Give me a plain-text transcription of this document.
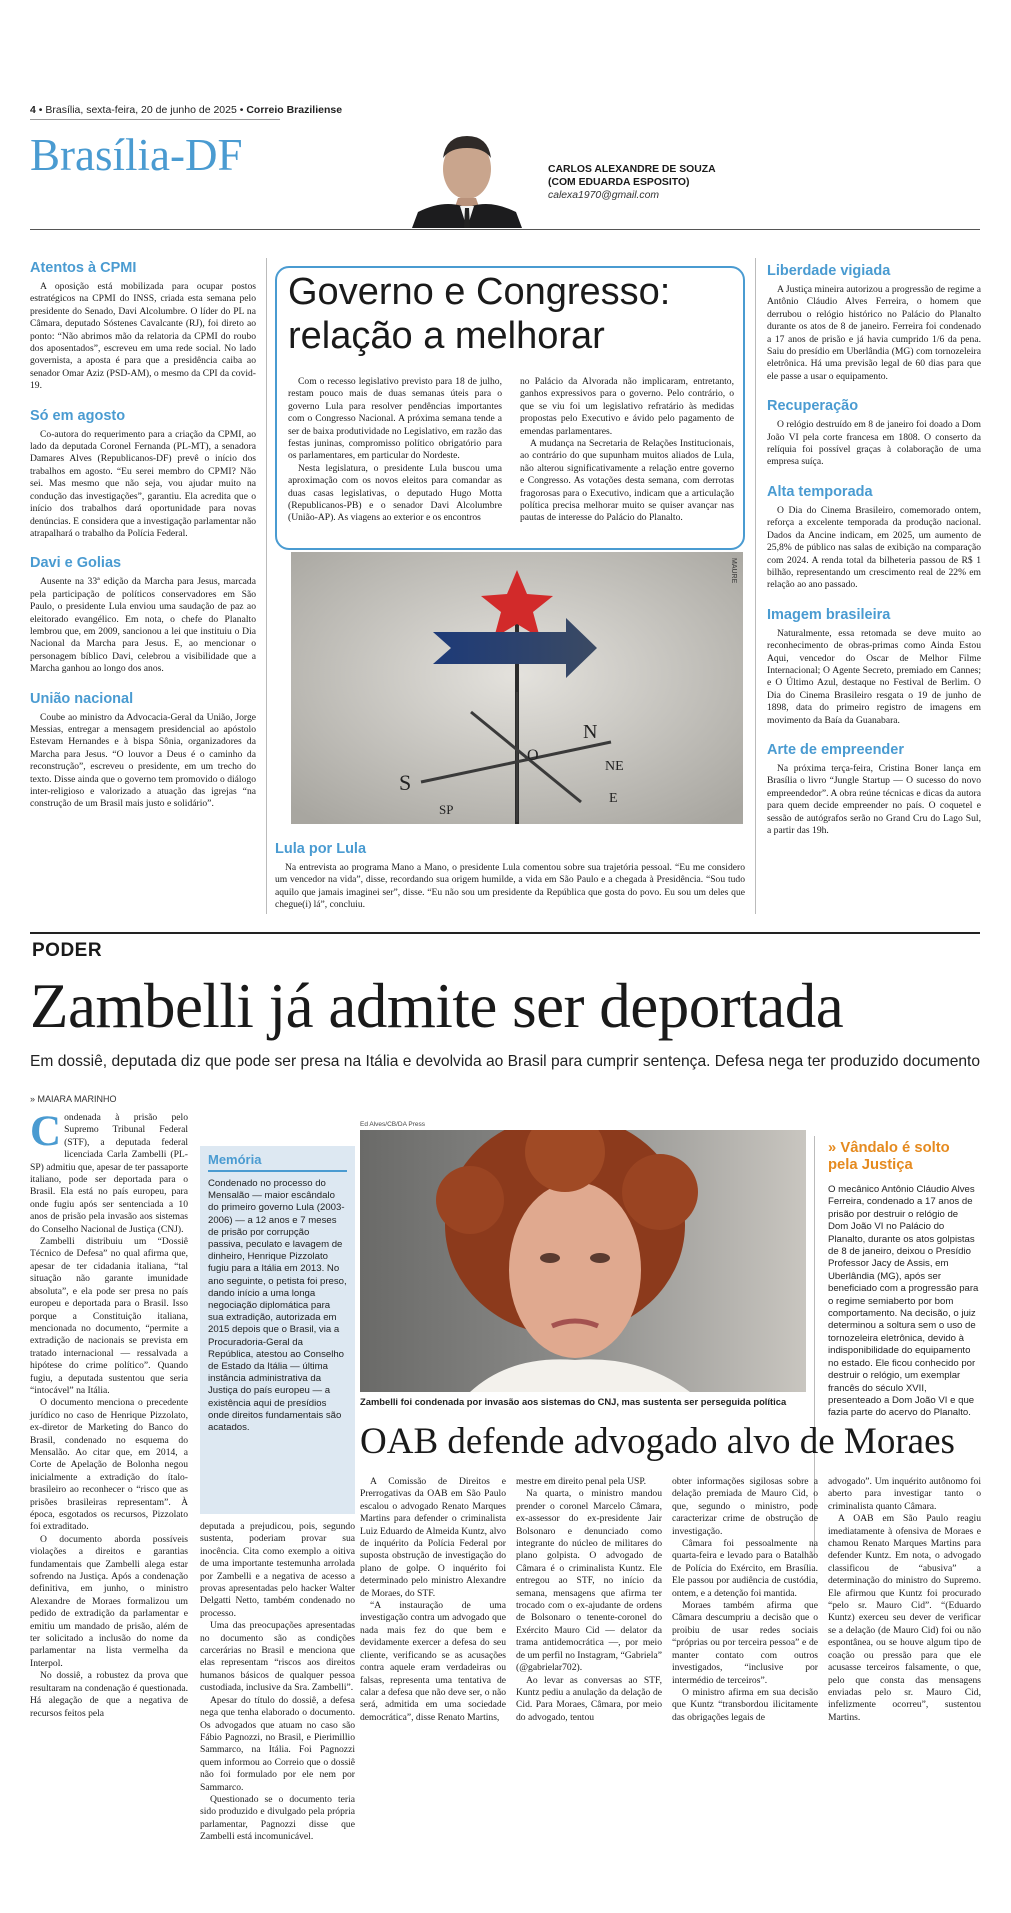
4 • Brasília, sexta-feira, 20 de junho de 2025 • Correio Braziliense
Brasília-DF	CARLOS ALEXANDRE DE SOUZA
(COM EDUARDA ESPOSITO)
calexa1970@gmail.com
Atentos à CPMI

A oposição está mobilizada para ocupar postos estratégicos na CPMI do INSS, criada esta semana pelo presidente do Senado, Davi Alcolumbre. O líder do PL na Câmara, deputado Sóstenes Cavalcante (RJ), foi direto ao ponto: “Não abrimos mão da relatoria da CPMI do roubo dos aposentados”, escreveu em uma rede social. No lado governista, a aposta é para que a presidência caiba ao senador Omar Aziz (PSD-AM), o mesmo da CPI da covid-19.

Só em agosto

Co-autora do requerimento para a criação da CPMI, ao lado da deputada Coronel Fernanda (PL-MT), a senadora Damares Alves (Republicanos-DF) prevê o início dos trabalhos em agosto. “Eu serei membro do CPMI? Não sei. Mas mesmo que não seja, vou ajudar muito na condução das investigações”, garantiu. Ela acredita que o início dos trabalhos dará oportunidade para novas denúncias. E considera que a investigação parlamentar não atrapalhará o trabalho da Polícia Federal.

Davi e Golias

Ausente na 33ª edição da Marcha para Jesus, marcada pela participação de políticos conservadores em São Paulo, o presidente Lula enviou uma saudação de paz ao eleitorado evangélico. Em nota, o chefe do Planalto lembrou que, em 2009, sancionou a lei que instituiu o Dia Nacional da Marcha para Jesus. E, ao mencionar o personagem bíblico Davi, celebrou a visibilidade que a Marcha ganhou ao longo dos anos.

União nacional

Coube ao ministro da Advocacia-Geral da União, Jorge Messias, entregar a mensagem presidencial ao apóstolo Estevam Hernandes e à bispa Sônia, organizadores da Marcha para Jesus. “O louvor a Deus é o caminho da reconstrução”, escreveu o presidente, em um trecho do texto. Disse ainda que o governo tem promovido o diálogo inter-religioso e valorizado a atuação das igrejas “na construção de um Brasil mais justo e solidário”.

Governo e Congresso:
relação a melhorar

Com o recesso legislativo previsto para 18 de julho, restam pouco mais de duas semanas úteis para o governo Lula para resolver pendências importantes com o Congresso Nacional. A próxima semana tende a ser de baixa produtividade no Legislativo, em razão das festas juninas, compromisso político obrigatório para os parlamentares, em particular do Nordeste.

Nesta legislatura, o presidente Lula buscou uma aproximação com os novos eleitos para comandar as duas casas legislativas, o deputado Hugo Motta (Republicanos-PB) e o senador Davi Alcolumbre (União-AP). As viagens ao exterior e os encontros

no Palácio da Alvorada não implicaram, entretanto, ganhos expressivos para o governo. Pelo contrário, o que se viu foi um legislativo refratário às medidas propostas pelo Executivo e ávido pelo pagamento de emendas parlamentares.

A mudança na Secretaria de Relações Institucionais, ao contrário do que supunham muitos aliados de Lula, não alterou significativamente a relação entre governo e Congresso. As votações desta semana, com derrotas fragorosas para o Executivo, indicam que a articulação política precisa melhorar muito se quiser avançar nas pautas de interesse do Palácio do Planalto.

N
NE
S
SP
O
E
MAURE
Lula por Lula

Na entrevista ao programa Mano a Mano, o presidente Lula comentou sobre sua trajetória pessoal. “Eu me considero um vencedor na vida”, disse, recordando sua origem humilde, a vida em São Paulo e a chegada à Presidência. “Sou tudo aquilo que jamais imaginei ser”, disse. “Eu não sou um presidente da República que gosta do povo. Eu sou um deles que chegue(i) lá”, concluiu.

Liberdade vigiada

A Justiça mineira autorizou a progressão de regime a Antônio Cláudio Alves Ferreira, o homem que derrubou o relógio histórico no Palácio do Planalto durante os atos de 8 de janeiro. Ferreira foi condenado a 17 anos de prisão e já havia cumprido 1/6 da pena. Saiu do presídio em Uberlândia (MG) com tornozeleira eletrônica. Há uma previsão legal de 60 dias para que ele passe a usar o equipamento.

Recuperação

O relógio destruído em 8 de janeiro foi doado a Dom João VI pela corte francesa em 1808. O conserto da relíquia foi possível graças à colaboração de uma empresa suíça.

Alta temporada

O Dia do Cinema Brasileiro, comemorado ontem, reforça a excelente temporada da produção nacional. Dados da Ancine indicam, em 2025, um aumento de 25,8% de público nas salas de exibição na comparação com 2024. A renda total da bilheteria passou de R$ 1 bilhão, representando um crescimento real de 22% em relação ao ano passado.

Imagem brasileira

Naturalmente, essa retomada se deve muito ao reconhecimento de obras-primas como Ainda Estou Aqui, vencedor do Oscar de Melhor Filme Internacional; O Agente Secreto, premiado em Cannes; e O Último Azul, destaque no Festival de Berlim. O Dia do Cinema Brasileiro resgata o 19 de junho de 1898, data do primeiro registro de imagens em movimento da Baía da Guanabara.

Arte de empreender

Na próxima terça-feira, Cristina Boner lança em Brasília o livro “Jungle Startup — O sucesso do novo empreendedor”. A obra reúne técnicas e dicas da autora para quem decide empreender no país. O coquetel e sessão de autógrafos serão no Grand Cru do Lago Sul, a partir das 19h.

PODER
Zambelli já admite ser deportada
Em dossiê, deputada diz que pode ser presa na Itália e devolvida ao Brasil para cumprir sentença. Defesa nega ter produzido documento
» MAIARA MARINHO

Condenada à prisão pelo Supremo Tribunal Federal (STF), a deputada federal licenciada Carla Zambelli (PL-SP) admitiu que, apesar de ter passaporte italiano, pode ser deportada para o Brasil. Ela está no país europeu, para onde fugiu após ser sentenciada a 10 anos de prisão pela invasão aos sistemas do Conselho Nacional de Justiça (CNJ).

Zambelli distribuiu um “Dossiê Técnico de Defesa” no qual afirma que, apesar de ter cidadania italiana, “tal situação não garante imunidade absoluta”, e ela pode ser presa no país europeu e deportada para o Brasil. Isso porque a Constituição italiana, mencionada no documento, “permite a extradição de nacionais se prevista em tratado internacional — ressalvada a hipótese do crime político”. Quando fugiu, a deputada sustentou que seria “intocável” na Itália.

O documento menciona o precedente jurídico no caso de Henrique Pizzolato, ex-diretor de Marketing do Banco do Brasil, condenado no esquema do Mensalão. Ao citar que, em 2014, a Corte de Apelação de Bolonha negou inicialmente a extradição do ítalo-brasileiro ao reconhecer o “risco que as prisões brasileiras representam”. À época, esgotados os recursos, Pizzolato foi extraditado.

O documento aborda possíveis violações a direitos e garantias fundamentais que Zambelli alega estar sofrendo na Justiça. Após a condenação definitiva, em junho, o ministro Alexandre de Moraes formalizou um pedido de extradição da parlamentar e emitiu um mandado de prisão, além de ter solicitado a inclusão do nome da parlamentar na lista vermelha da Interpol.

No dossiê, a robustez da prova que resultaram na condenação é questionada. Há alegação de que a negativa de recursos feitos pela

Memória

Condenado no processo do Mensalão — maior escândalo do primeiro governo Lula (2003-2006) — a 12 anos e 7 meses de prisão por corrupção passiva, peculato e lavagem de dinheiro, Henrique Pizzolato fugiu para a Itália em 2013. No ano seguinte, o petista foi preso, dando início a uma longa negociação diplomática para sua extradição, autorizada em 2015 depois que o Brasil, via a Procuradoria-Geral da República, atestou ao Conselho de Estado da Itália — última instância administrativa da Justiça do país europeu — a existência aqui de presídios onde direitos fundamentais são acatados.

deputada a prejudicou, pois, segundo sustenta, poderiam provar sua inocência. Cita como exemplo a oitiva de uma importante testemunha arrolada por Zambelli e a negativa de acesso a provas apresentadas pelo hacker Walter Delgatti Netto, também condenado no processo.

Uma das preocupações apresentadas no documento são as condições carcerárias no Brasil e menciona que elas representam “riscos aos direitos humanos básicos de qualquer pessoa custodiada, inclusive da Sra. Zambelli”.

Apesar do título do dossiê, a defesa nega que tenha elaborado o documento. Os advogados que atuam no caso são Fábio Pagnozzi, no Brasil, e Pierimillio Sammarco, na Itália. Foi Pagnozzi quem informou ao Correio que o dossiê não foi formulado por ele nem por Sammarco.

Questionado se o documento teria sido produzido e divulgado pela própria parlamentar, Pagnozzi disse que Zambelli está incomunicável.

Ed Alves/CB/DA Press
Zambelli foi condenada por invasão aos sistemas do CNJ, mas sustenta ser perseguida política
» Vândalo é solto pela Justiça

O mecânico Antônio Cláudio Alves Ferreira, condenado a 17 anos de prisão por destruir o relógio de Dom João VI no Palácio do Planalto, durante os atos golpistas de 8 de janeiro, deixou o Presídio Professor Jacy de Assis, em Uberlândia (MG), após ser beneficiado com a progressão para o regime semiaberto por bom comportamento. Na decisão, o juiz determinou a soltura sem o uso de tornozeleira eletrônica, devido à indisponibilidade do equipamento no estado. Ele ficou conhecido por destruir o relógio, um exemplar francês do século XVII, presenteado a Dom João VI e que fazia parte do acervo do Planalto.

OAB defende advogado alvo de Moraes

A Comissão de Direitos e Prerrogativas da OAB em São Paulo escalou o advogado Renato Marques Martins para defender o criminalista Luiz Eduardo de Almeida Kuntz, alvo de inquérito da Polícia Federal por suposta obstrução de investigação do plano de golpe. O inquérito foi determinado pelo ministro Alexandre de Moraes, do STF.

“A instauração de uma investigação contra um advogado que nada mais fez do que bem e devidamente exercer a defesa do seu cliente, verificando se as acusações contra aquele eram verdadeiras ou falsas, representa uma tentativa de calar a defesa que não deve ser, o não será, admitida em uma sociedade democrática”, disse Renato Martins,

mestre em direito penal pela USP.

Na quarta, o ministro mandou prender o coronel Marcelo Câmara, ex-assessor do ex-presidente Jair Bolsonaro e denunciado como integrante do núcleo de militares do plano golpista. O advogado de Câmara é o criminalista Kuntz. Ele entregou ao STF, no início da semana, mensagens que afirma ter trocado com o ex-ajudante de ordens de Bolsonaro o tenente-coronel do Exército Mauro Cid — delator da trama antidemocrática —, por meio de um perfil no Instagram, “Gabriela” (@gabrielar702).

Ao levar as conversas ao STF, Kuntz pediu a anulação da delação de Cid. Para Moraes, Câmara, por meio do advogado, tentou

obter informações sigilosas sobre a delação premiada de Mauro Cid, o que, segundo o ministro, pode caracterizar crime de obstrução de investigação.

Câmara foi pessoalmente na quarta-feira e levado para o Batalhão de Polícia do Exército, em Brasília. Ele passou por audiência de custódia, ontem, e a detenção foi mantida.

Moraes também afirma que Câmara descumpriu a decisão que o proibiu de usar redes sociais “próprias ou por terceira pessoa” e de manter contato com outros investigados, “inclusive por intermédio de terceiros”.

O ministro afirma em sua decisão que Kuntz “transbordou ilicitamente das obrigações legais de

advogado”. Um inquérito autônomo foi aberto para investigar tanto o criminalista quanto Câmara.

A OAB em São Paulo reagiu imediatamente à ofensiva de Moraes e chamou Renato Marques Martins para defender Kuntz. Em nota, o advogado classificou de “abusiva” a determinação do ministro do Supremo. Ele afirmou que Kuntz foi procurado “pelo sr. Mauro Cid”. “(Eduardo Kuntz) exerceu seu dever de verificar se a delação (de Mauro Cid) foi ou não espontânea, ou se houve algum tipo de coação ou pressão para que ele acusasse terceiros falsamente, o que, pelo que consta das mensagens enviadas pelo sr. Mauro Cid, infelizmente ocorreu”, sustentou Martins.
